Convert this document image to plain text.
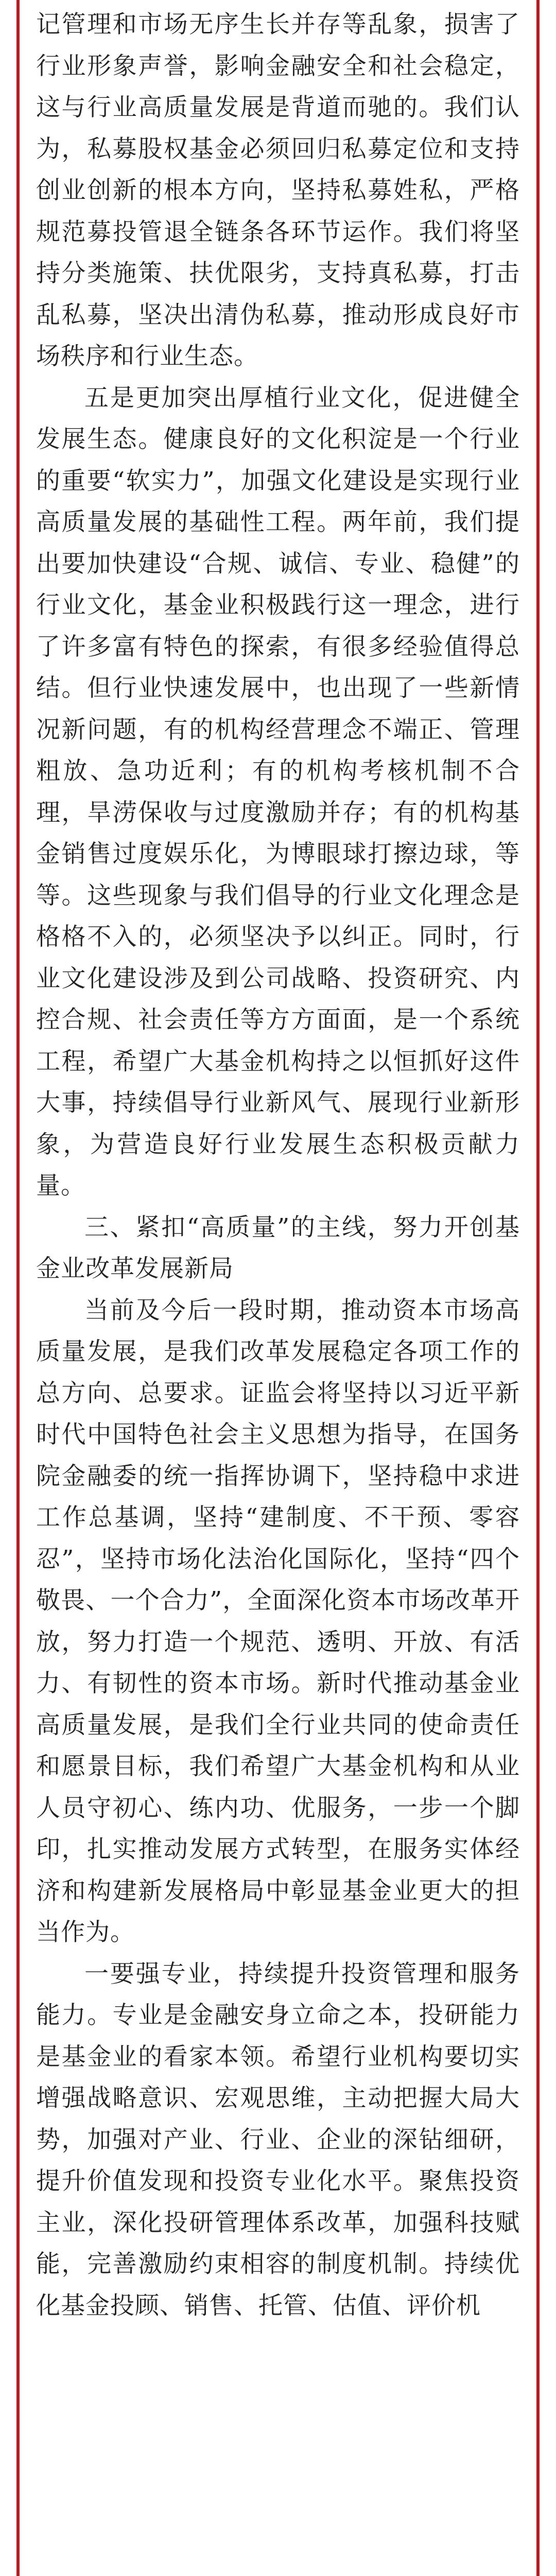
记管理和市场无序生长并存等乱象，损害了行业形象声誉，影响金融安全和社会稳定，这与行业高质量发展是背道而驰的。我们认为，私募股权基金必须回归私募定位和支持创业创新的根本方向，坚持私募姓私，严格规范募投管退全链条各环节运作。我们将坚持分类施策、扶优限劣，支持真私募，打击乱私募，坚决出清伪私募，推动形成良好市场秩序和行业生态。

五是更加突出厚植行业文化，促进健全发展生态。健康良好的文化积淀是一个行业的重要“软实力”，加强文化建设是实现行业高质量发展的基础性工程。两年前，我们提出要加快建设“合规、诚信、专业、稳健”的行业文化，基金业积极践行这一理念，进行了许多富有特色的探索，有很多经验值得总结。但行业快速发展中，也出现了一些新情况新问题，有的机构经营理念不端正、管理粗放、急功近利；有的机构考核机制不合理，旱涝保收与过度激励并存；有的机构基金销售过度娱乐化，为博眼球打擦边球，等等。这些现象与我们倡导的行业文化理念是格格不入的，必须坚决予以纠正。同时，行业文化建设涉及到公司战略、投资研究、内控合规、社会责任等方方面面，是一个系统工程，希望广大基金机构持之以恒抓好这件大事，持续倡导行业新风气、展现行业新形象，为营造良好行业发展生态积极贡献力量。

三、紧扣“高质量”的主线，努力开创基金业改革发展新局

当前及今后一段时期，推动资本市场高质量发展，是我们改革发展稳定各项工作的总方向、总要求。证监会将坚持以习近平新时代中国特色社会主义思想为指导，在国务院金融委的统一指挥协调下，坚持稳中求进工作总基调，坚持“建制度、不干预、零容忍”，坚持市场化法治化国际化，坚持“四个敬畏、一个合力”，全面深化资本市场改革开放，努力打造一个规范、透明、开放、有活力、有韧性的资本市场。新时代推动基金业高质量发展，是我们全行业共同的使命责任和愿景目标，我们希望广大基金机构和从业人员守初心、练内功、优服务，一步一个脚印，扎实推动发展方式转型，在服务实体经济和构建新发展格局中彰显基金业更大的担当作为。

一要强专业，持续提升投资管理和服务能力。专业是金融安身立命之本，投研能力是基金业的看家本领。希望行业机构要切实增强战略意识、宏观思维，主动把握大局大势，加强对产业、行业、企业的深钻细研，提升价值发现和投资专业化水平。聚焦投资主业，深化投研管理体系改革，加强科技赋能，完善激励约束相容的制度机制。持续优化基金投顾、销售、托管、估值、评价机
